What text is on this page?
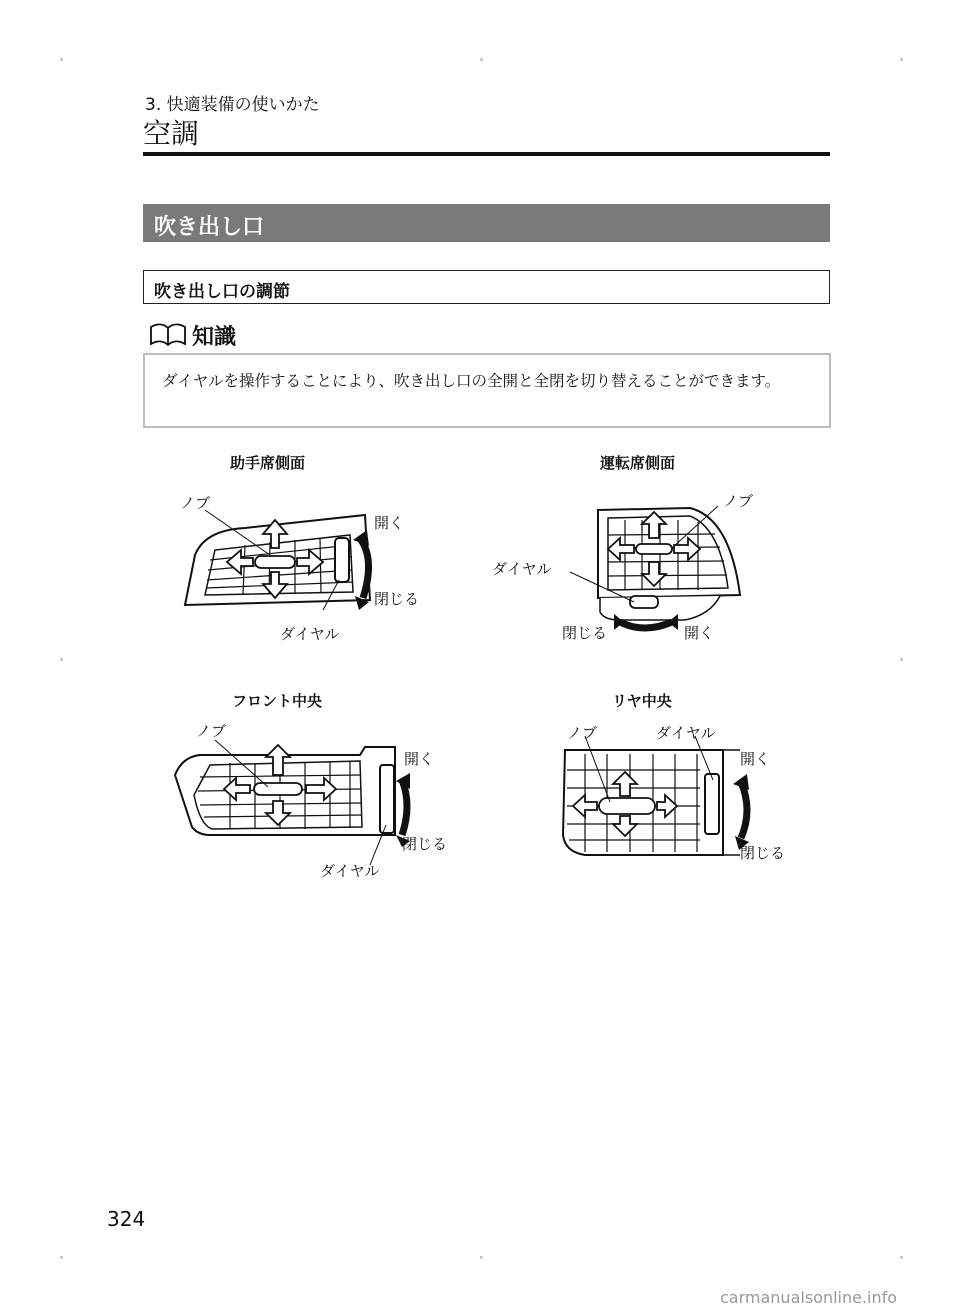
3. 快適装備の使いかた
空調
吹き出し口
吹き出し口の調節
知識
ダイヤルを操作することにより、吹き出し口の全開と全閉を切り替えることができます。
助手席側面
ノブ
開く
閉じる
ダイヤル
運転席側面
ノブ
ダイヤル
閉じる	開く
フロント中央
ノブ
開く
閉じる
ダイヤル
リヤ中央
ノブ	ダイヤル
開く
閉じる
324
carmanualsonline.info
